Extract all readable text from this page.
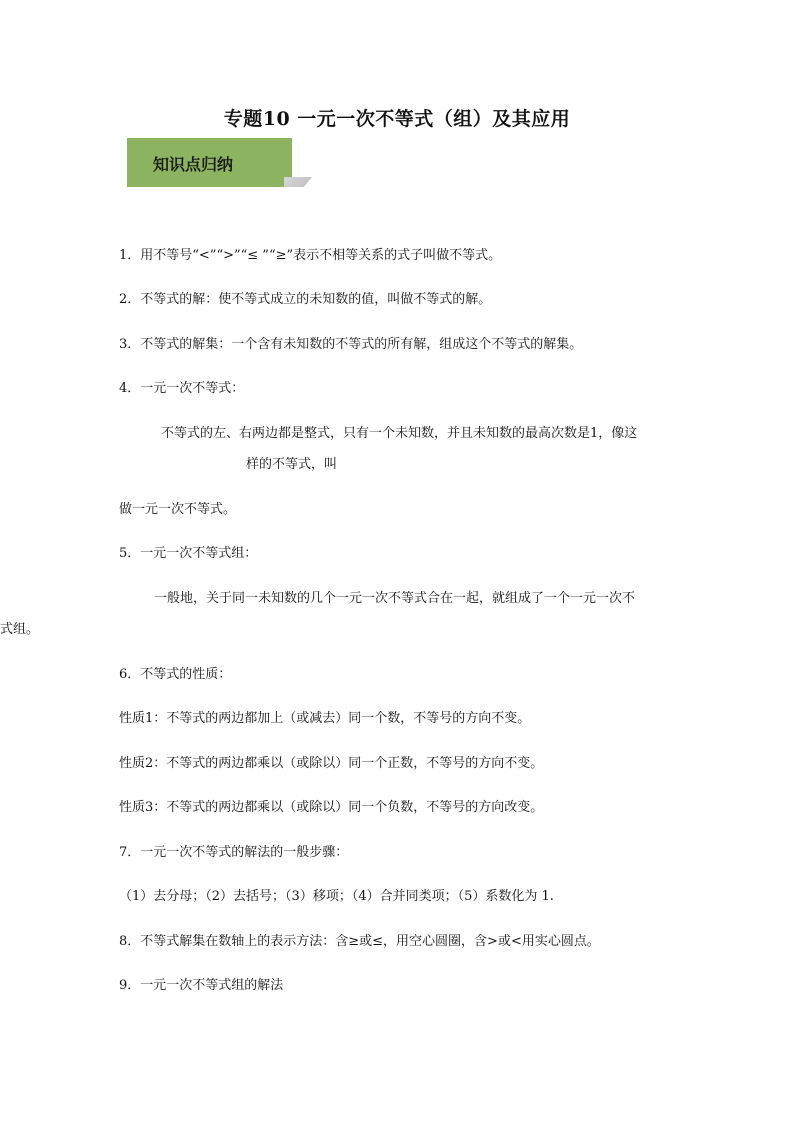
专题10 一元一次不等式（组）及其应用
知识点归纳
1．用不等号“<”“>”“≤ ”“≥”表示不相等关系的式子叫做不等式。
2．不等式的解：使不等式成立的未知数的值，叫做不等式的解。
3．不等式的解集：一个含有未知数的不等式的所有解，组成这个不等式的解集。
4．一元一次不等式：
不等式的左、右两边都是整式，只有一个未知数，并且未知数的最高次数是1，像这
样的不等式，叫
做一元一次不等式。
5．一元一次不等式组：
一般地，关于同一未知数的几个一元一次不等式合在一起，就组成了一个一元一次不
式组。
6．不等式的性质：
性质1：不等式的两边都加上（或减去）同一个数，不等号的方向不变。
性质2：不等式的两边都乘以（或除以）同一个正数，不等号的方向不变。
性质3：不等式的两边都乘以（或除以）同一个负数，不等号的方向改变。
7．一元一次不等式的解法的一般步骤：
（1）去分母；（2）去括号；（3）移项；（4）合并同类项；（5）系数化为 1.
8．不等式解集在数轴上的表示方法：含≥或≤，用空心圆圈，含>或<用实心圆点。
9．一元一次不等式组的解法
